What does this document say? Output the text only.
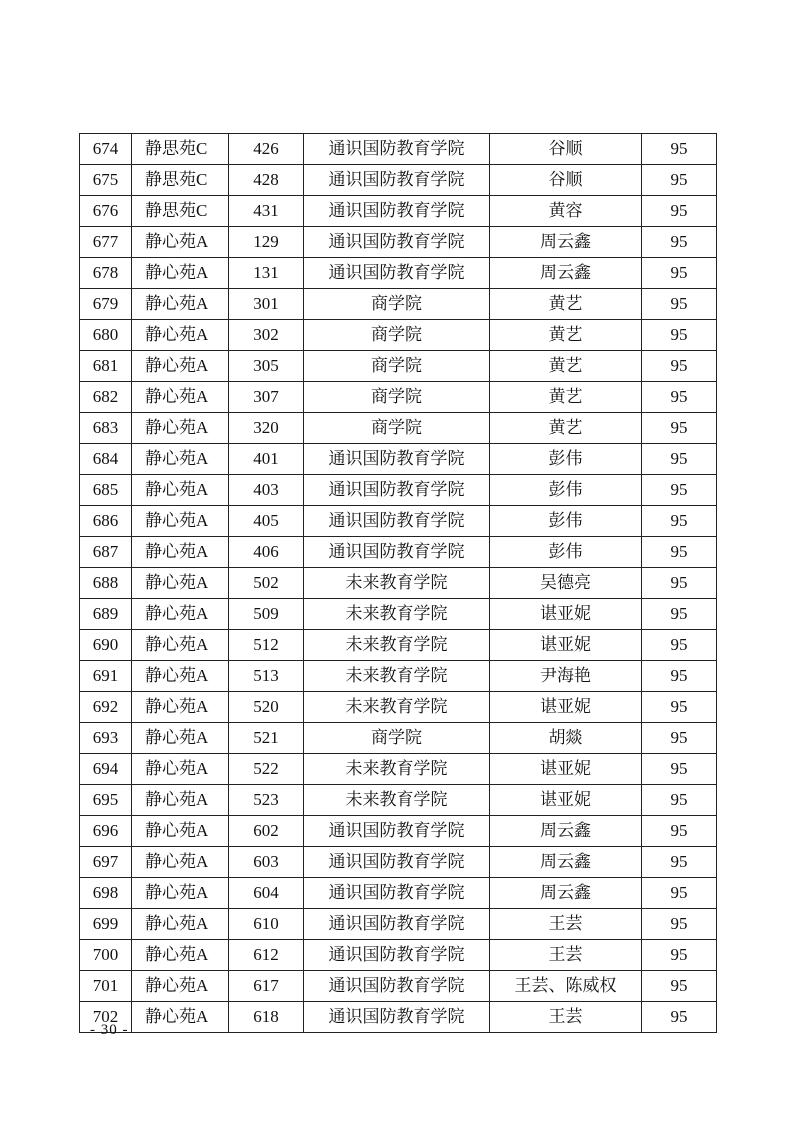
674	静思苑C	426	通识国防教育学院	谷顺	95
675	静思苑C	428	通识国防教育学院	谷顺	95
676	静思苑C	431	通识国防教育学院	黄容	95
677	静心苑A	129	通识国防教育学院	周云鑫	95
678	静心苑A	131	通识国防教育学院	周云鑫	95
679	静心苑A	301	商学院	黄艺	95
680	静心苑A	302	商学院	黄艺	95
681	静心苑A	305	商学院	黄艺	95
682	静心苑A	307	商学院	黄艺	95
683	静心苑A	320	商学院	黄艺	95
684	静心苑A	401	通识国防教育学院	彭伟	95
685	静心苑A	403	通识国防教育学院	彭伟	95
686	静心苑A	405	通识国防教育学院	彭伟	95
687	静心苑A	406	通识国防教育学院	彭伟	95
688	静心苑A	502	未来教育学院	吴德亮	95
689	静心苑A	509	未来教育学院	谌亚妮	95
690	静心苑A	512	未来教育学院	谌亚妮	95
691	静心苑A	513	未来教育学院	尹海艳	95
692	静心苑A	520	未来教育学院	谌亚妮	95
693	静心苑A	521	商学院	胡燚	95
694	静心苑A	522	未来教育学院	谌亚妮	95
695	静心苑A	523	未来教育学院	谌亚妮	95
696	静心苑A	602	通识国防教育学院	周云鑫	95
697	静心苑A	603	通识国防教育学院	周云鑫	95
698	静心苑A	604	通识国防教育学院	周云鑫	95
699	静心苑A	610	通识国防教育学院	王芸	95
700	静心苑A	612	通识国防教育学院	王芸	95
701	静心苑A	617	通识国防教育学院	王芸、陈威权	95
702	静心苑A	618	通识国防教育学院	王芸	95
- 30 -
